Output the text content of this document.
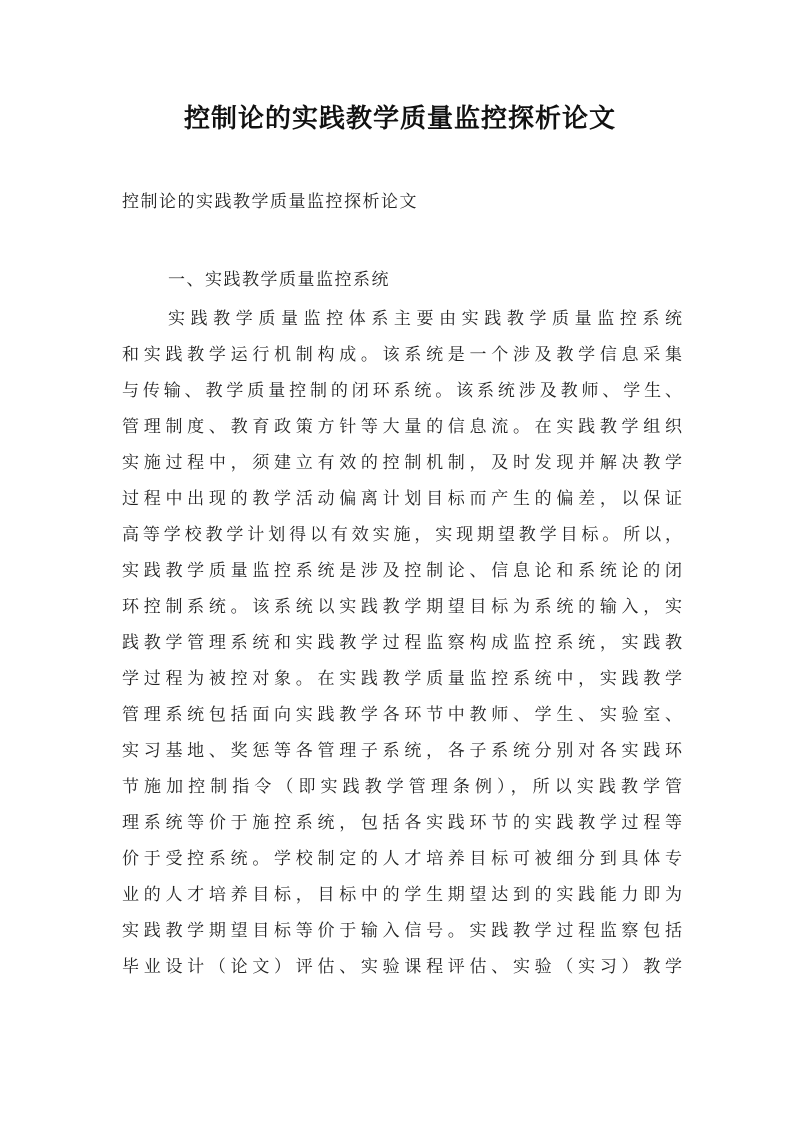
控制论的实践教学质量监控探析论文

控制论的实践教学质量监控探析论文

一、实践教学质量监控系统

实践教学质量监控体系主要由实践教学质量监控系统
和实践教学运行机制构成。该系统是一个涉及教学信息采集
与传输、教学质量控制的闭环系统。该系统涉及教师、学生、
管理制度、教育政策方针等大量的信息流。在实践教学组织
实施过程中，须建立有效的控制机制，及时发现并解决教学
过程中出现的教学活动偏离计划目标而产生的偏差，以保证
高等学校教学计划得以有效实施，实现期望教学目标。所以，
实践教学质量监控系统是涉及控制论、信息论和系统论的闭
环控制系统。该系统以实践教学期望目标为系统的输入，实
践教学管理系统和实践教学过程监察构成监控系统，实践教
学过程为被控对象。在实践教学质量监控系统中，实践教学
管理系统包括面向实践教学各环节中教师、学生、实验室、
实习基地、奖惩等各管理子系统，各子系统分别对各实践环
节施加控制指令（即实践教学管理条例），所以实践教学管
理系统等价于施控系统，包括各实践环节的实践教学过程等
价于受控系统。学校制定的人才培养目标可被细分到具体专
业的人才培养目标，目标中的学生期望达到的实践能力即为
实践教学期望目标等价于输入信号。实践教学过程监察包括
毕业设计（论文）评估、实验课程评估、实验（实习）教学
